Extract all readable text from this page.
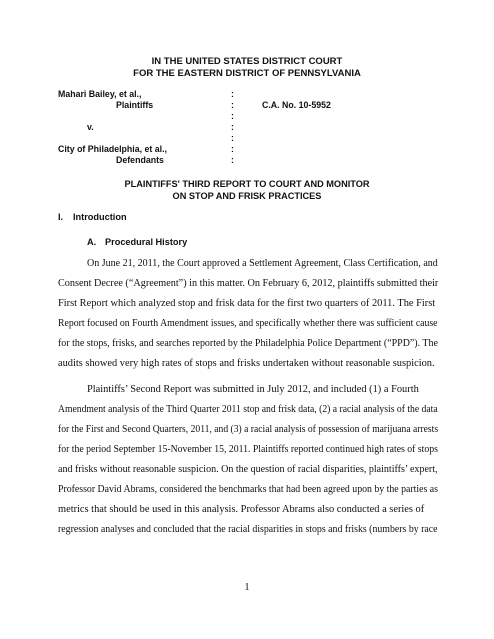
IN THE UNITED STATES DISTRICT COURT
FOR THE EASTERN DISTRICT OF PENNSYLVANIA
Mahari Bailey, et al.,	:
Plaintiffs	:	C.A. No. 10-5952
:
v.	:
:
City of Philadelphia, et al.,	:
Defendants	:
PLAINTIFFS' THIRD REPORT TO COURT AND MONITOR
ON STOP AND FRISK PRACTICES
I. Introduction
A. Procedural History
On June 21, 2011, the Court approved a Settlement Agreement, Class Certification, and
Consent Decree (“Agreement”) in this matter. On February 6, 2012, plaintiffs submitted their
First Report which analyzed stop and frisk data for the first two quarters of 2011. The First
Report focused on Fourth Amendment issues, and specifically whether there was sufficient cause
for the stops, frisks, and searches reported by the Philadelphia Police Department (“PPD”). The
audits showed very high rates of stops and frisks undertaken without reasonable suspicion.
Plaintiffs’ Second Report was submitted in July 2012, and included (1) a Fourth
Amendment analysis of the Third Quarter 2011 stop and frisk data, (2) a racial analysis of the data
for the First and Second Quarters, 2011, and (3) a racial analysis of possession of marijuana arrests
for the period September 15-November 15, 2011. Plaintiffs reported continued high rates of stops
and frisks without reasonable suspicion. On the question of racial disparities, plaintiffs’ expert,
Professor David Abrams, considered the benchmarks that had been agreed upon by the parties as
metrics that should be used in this analysis. Professor Abrams also conducted a series of
regression analyses and concluded that the racial disparities in stops and frisks (numbers by race
1
